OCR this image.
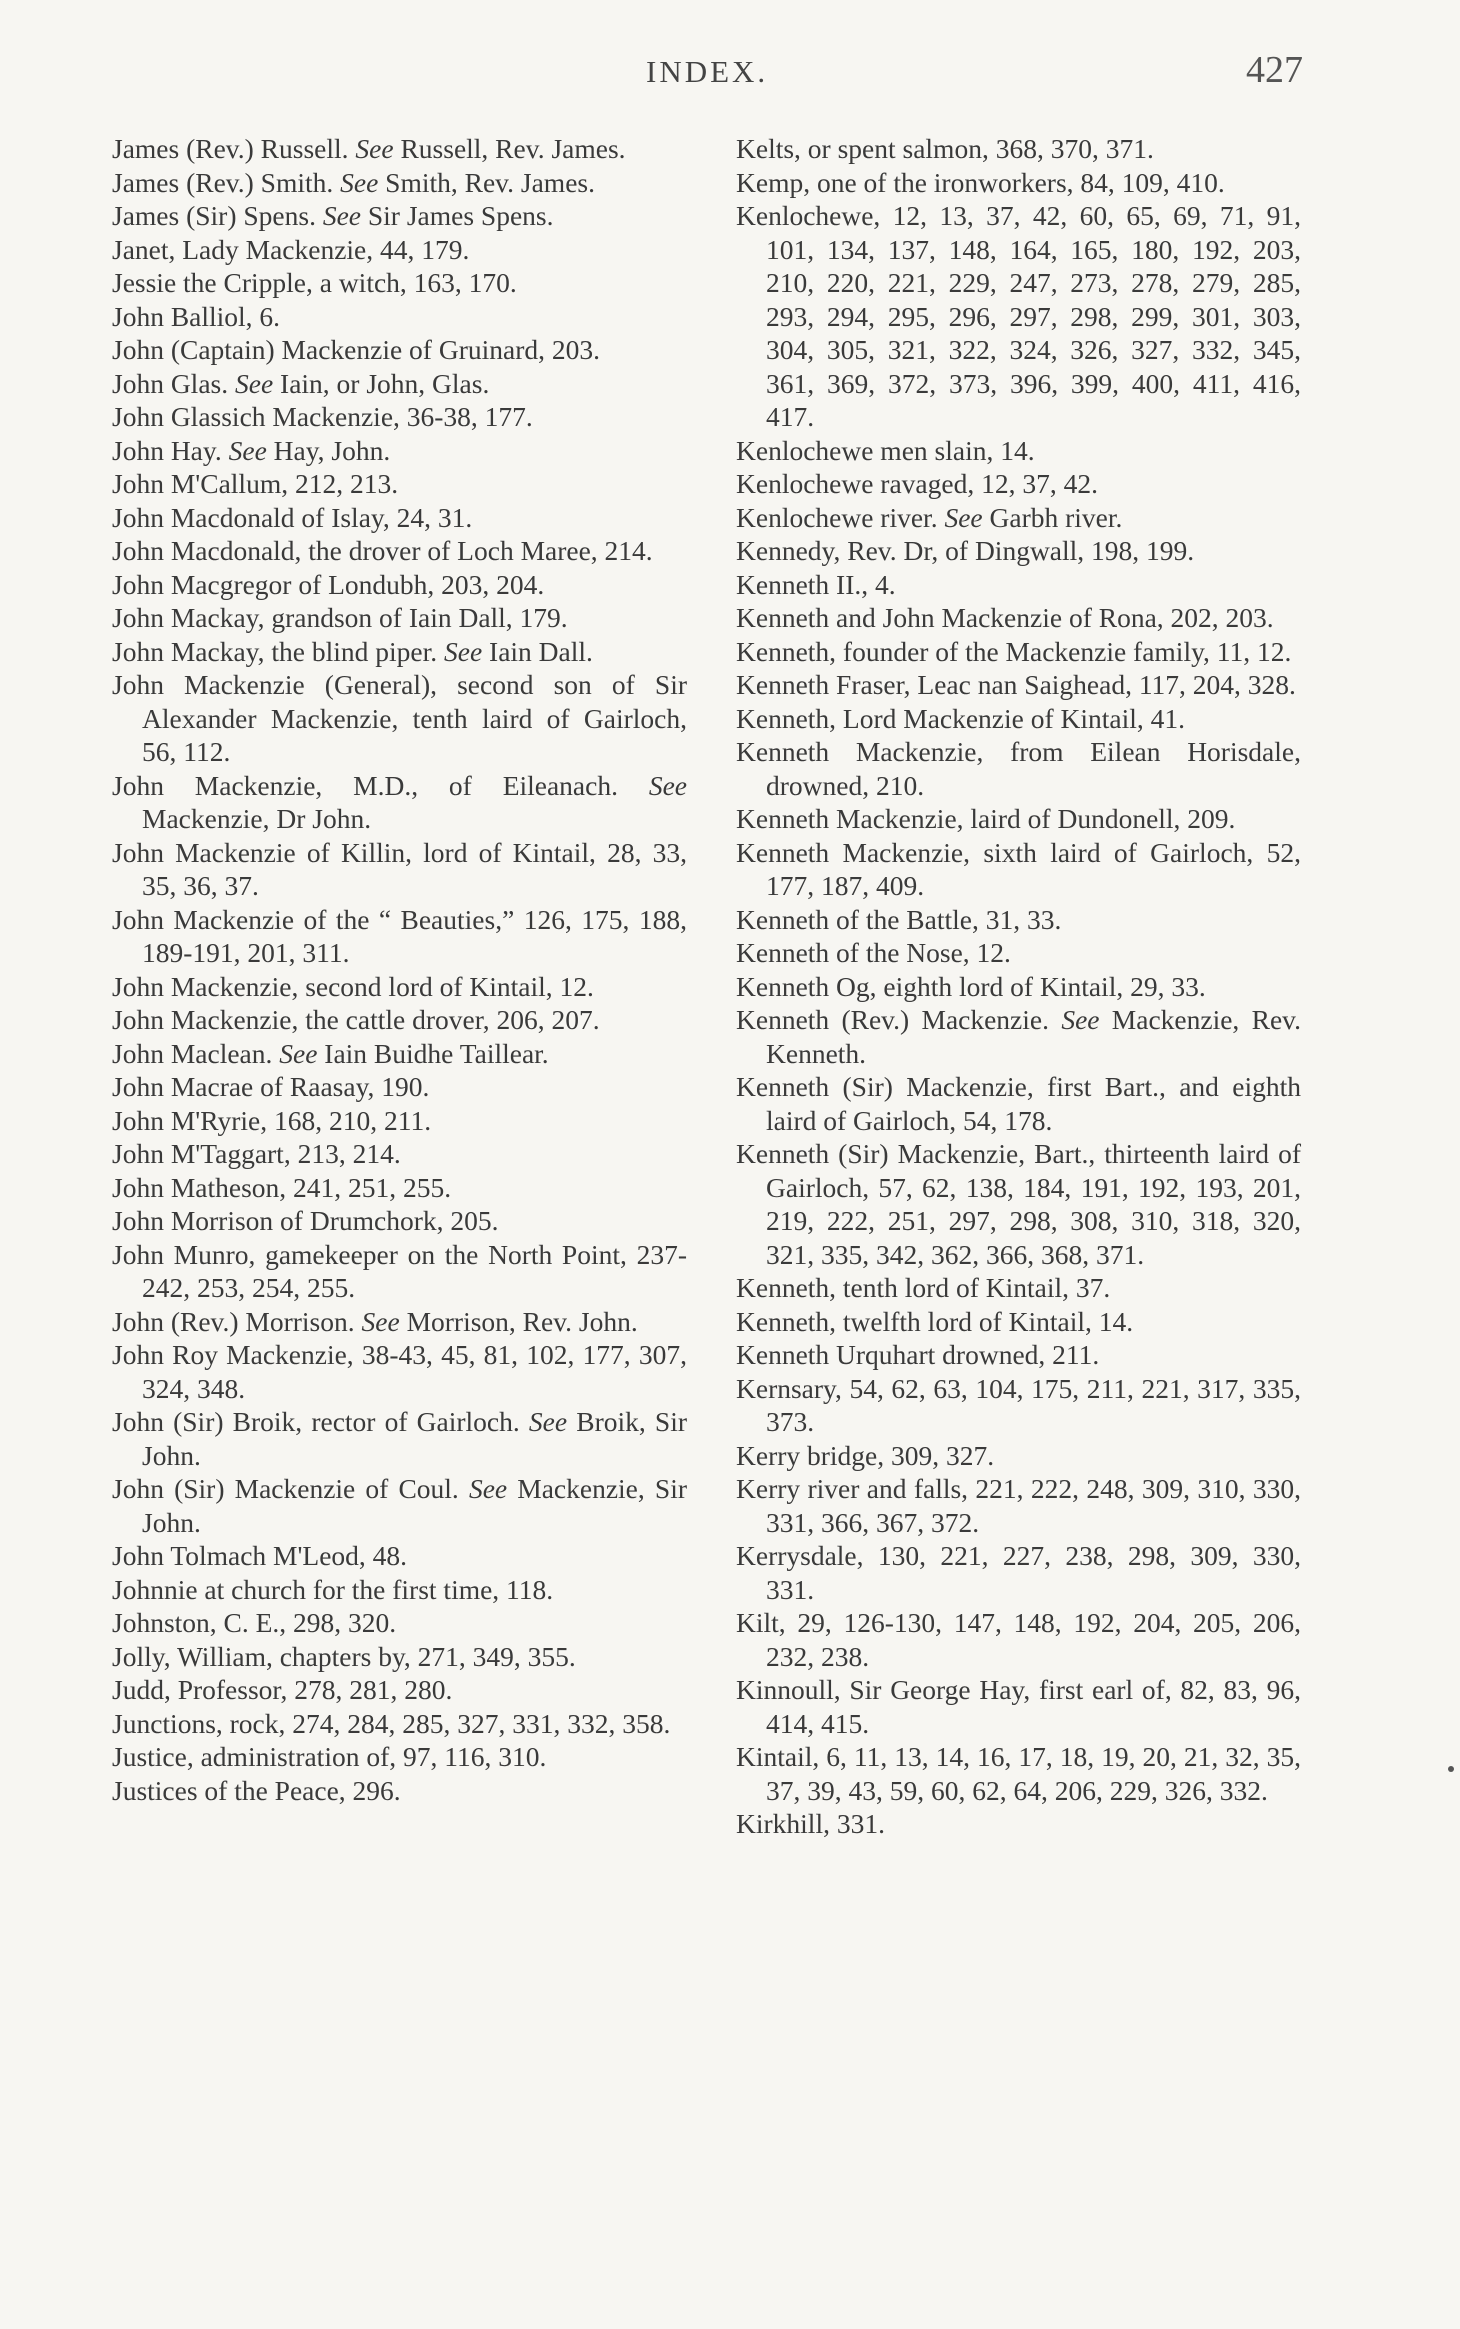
INDEX.	427

James (Rev.) Russell. See Russell, Rev. James.

James (Rev.) Smith. See Smith, Rev. James.

James (Sir) Spens. See Sir James Spens.

Janet, Lady Mackenzie, 44, 179.

Jessie the Cripple, a witch, 163, 170.

John Balliol, 6.

John (Captain) Mackenzie of Gruinard, 203.

John Glas. See Iain, or John, Glas.

John Glassich Mackenzie, 36-38, 177.

John Hay. See Hay, John.

John M'Callum, 212, 213.

John Macdonald of Islay, 24, 31.

John Macdonald, the drover of Loch Maree, 214.

John Macgregor of Londubh, 203, 204.

John Mackay, grandson of Iain Dall, 179.

John Mackay, the blind piper. See Iain Dall.

John Mackenzie (General), second son of Sir Alexander Mackenzie, tenth laird of Gairloch, 56, 112.

John Mackenzie, M.D., of Eileanach. See Mackenzie, Dr John.

John Mackenzie of Killin, lord of Kintail, 28, 33, 35, 36, 37.

John Mackenzie of the “ Beauties,” 126, 175, 188, 189-191, 201, 311.

John Mackenzie, second lord of Kintail, 12.

John Mackenzie, the cattle drover, 206, 207.

John Maclean. See Iain Buidhe Taillear.

John Macrae of Raasay, 190.

John M'Ryrie, 168, 210, 211.

John M'Taggart, 213, 214.

John Matheson, 241, 251, 255.

John Morrison of Drumchork, 205.

John Munro, gamekeeper on the North Point, 237-242, 253, 254, 255.

John (Rev.) Morrison. See Morrison, Rev. John.

John Roy Mackenzie, 38-43, 45, 81, 102, 177, 307, 324, 348.

John (Sir) Broik, rector of Gairloch. See Broik, Sir John.

John (Sir) Mackenzie of Coul. See Mackenzie, Sir John.

John Tolmach M'Leod, 48.

Johnnie at church for the first time, 118.

Johnston, C. E., 298, 320.

Jolly, William, chapters by, 271, 349, 355.

Judd, Professor, 278, 281, 280.

Junctions, rock, 274, 284, 285, 327, 331, 332, 358.

Justice, administration of, 97, 116, 310.

Justices of the Peace, 296.

Kelts, or spent salmon, 368, 370, 371.

Kemp, one of the ironworkers, 84, 109, 410.

Kenlochewe, 12, 13, 37, 42, 60, 65, 69, 71, 91, 101, 134, 137, 148, 164, 165, 180, 192, 203, 210, 220, 221, 229, 247, 273, 278, 279, 285, 293, 294, 295, 296, 297, 298, 299, 301, 303, 304, 305, 321, 322, 324, 326, 327, 332, 345, 361, 369, 372, 373, 396, 399, 400, 411, 416, 417.

Kenlochewe men slain, 14.

Kenlochewe ravaged, 12, 37, 42.

Kenlochewe river. See Garbh river.

Kennedy, Rev. Dr, of Dingwall, 198, 199.

Kenneth II., 4.

Kenneth and John Mackenzie of Rona, 202, 203.

Kenneth, founder of the Mackenzie family, 11, 12.

Kenneth Fraser, Leac nan Saighead, 117, 204, 328.

Kenneth, Lord Mackenzie of Kintail, 41.

Kenneth Mackenzie, from Eilean Horisdale, drowned, 210.

Kenneth Mackenzie, laird of Dundonell, 209.

Kenneth Mackenzie, sixth laird of Gairloch, 52, 177, 187, 409.

Kenneth of the Battle, 31, 33.

Kenneth of the Nose, 12.

Kenneth Og, eighth lord of Kintail, 29, 33.

Kenneth (Rev.) Mackenzie. See Mackenzie, Rev. Kenneth.

Kenneth (Sir) Mackenzie, first Bart., and eighth laird of Gairloch, 54, 178.

Kenneth (Sir) Mackenzie, Bart., thirteenth laird of Gairloch, 57, 62, 138, 184, 191, 192, 193, 201, 219, 222, 251, 297, 298, 308, 310, 318, 320, 321, 335, 342, 362, 366, 368, 371.

Kenneth, tenth lord of Kintail, 37.

Kenneth, twelfth lord of Kintail, 14.

Kenneth Urquhart drowned, 211.

Kernsary, 54, 62, 63, 104, 175, 211, 221, 317, 335, 373.

Kerry bridge, 309, 327.

Kerry river and falls, 221, 222, 248, 309, 310, 330, 331, 366, 367, 372.

Kerrysdale, 130, 221, 227, 238, 298, 309, 330, 331.

Kilt, 29, 126-130, 147, 148, 192, 204, 205, 206, 232, 238.

Kinnoull, Sir George Hay, first earl of, 82, 83, 96, 414, 415.

Kintail, 6, 11, 13, 14, 16, 17, 18, 19, 20, 21, 32, 35, 37, 39, 43, 59, 60, 62, 64, 206, 229, 326, 332.

Kirkhill, 331.
